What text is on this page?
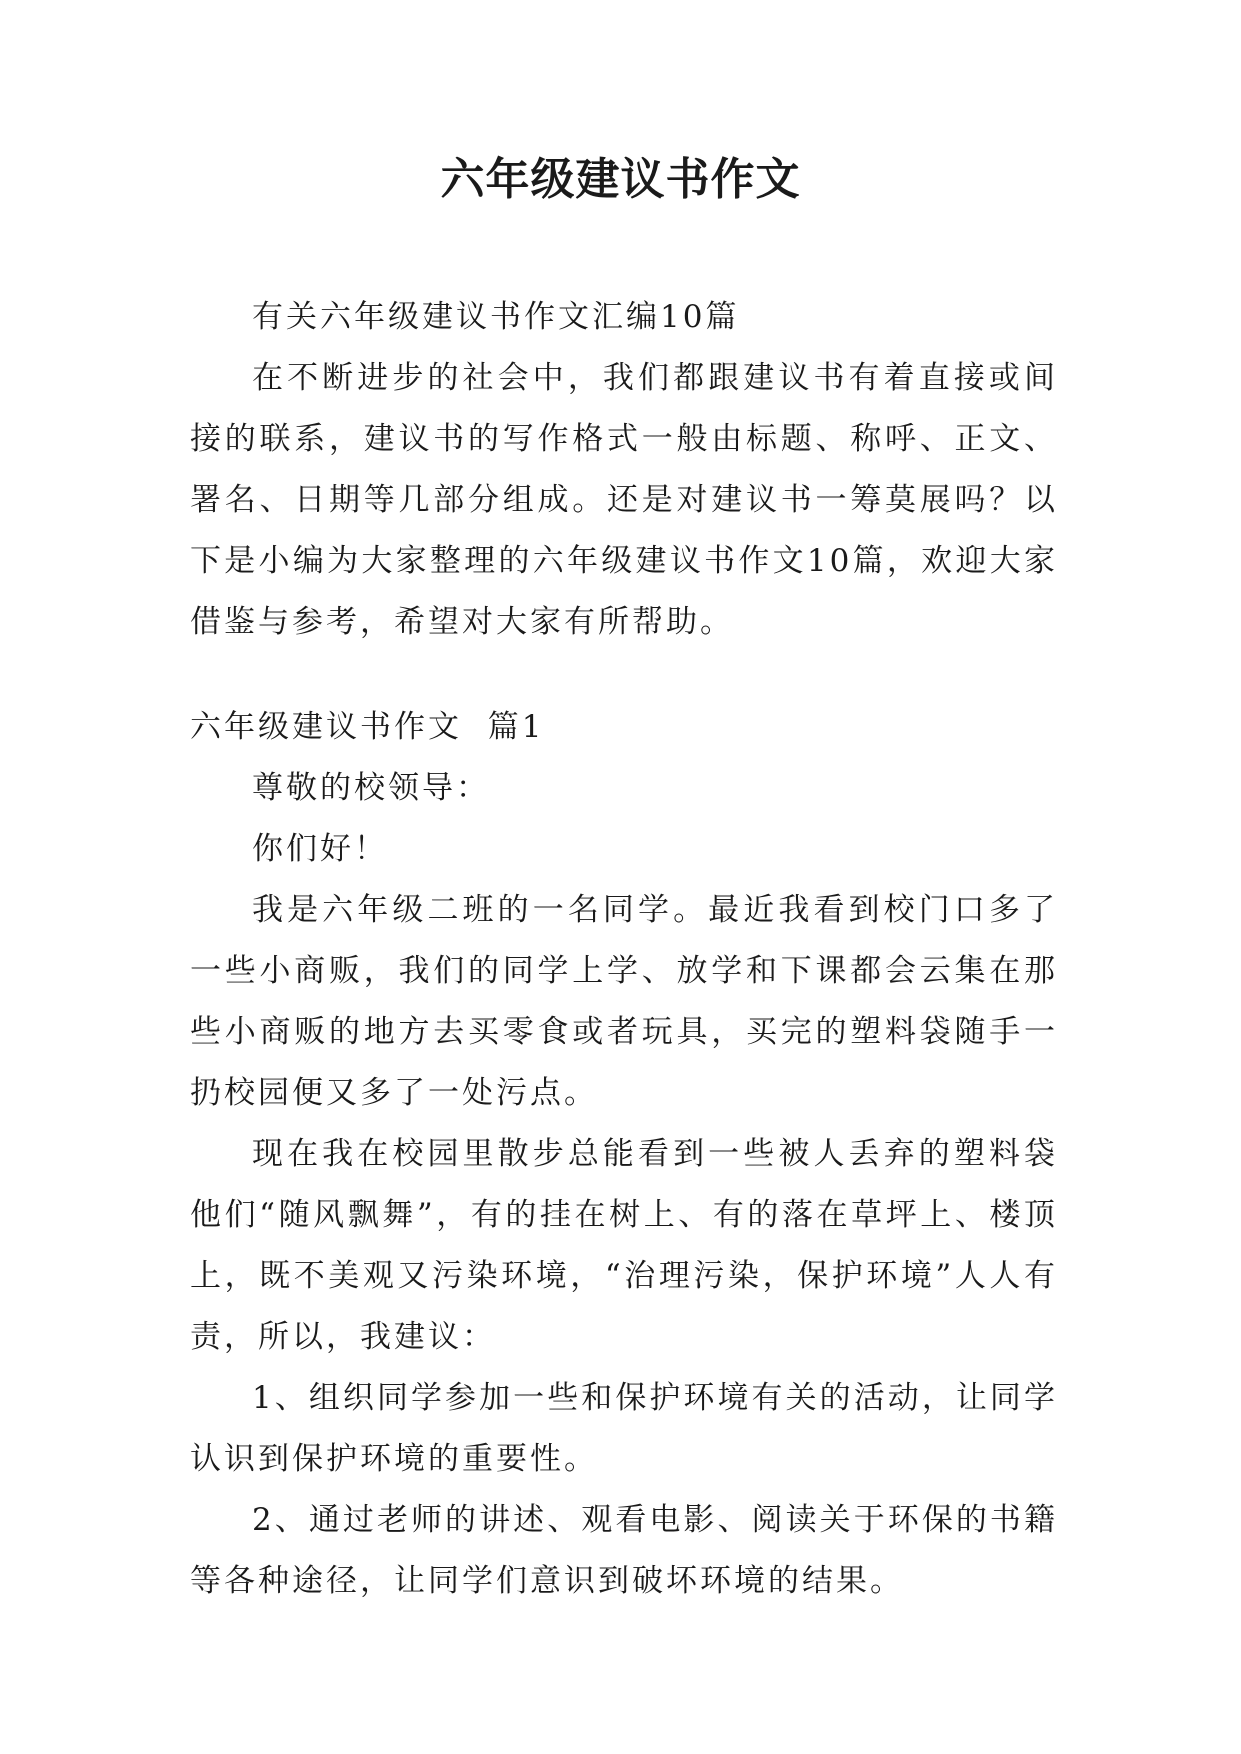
六年级建议书作文

有关六年级建议书作文汇编10篇

在不断进步的社会中，我们都跟建议书有着直接或间接的联系，建议书的写作格式一般由标题、称呼、正文、署名、日期等几部分组成。还是对建议书一筹莫展吗？以下是小编为大家整理的六年级建议书作文10篇，欢迎大家借鉴与参考，希望对大家有所帮助。

六年级建议书作文  篇1

尊敬的校领导：

你们好！

我是六年级二班的一名同学。最近我看到校门口多了一些小商贩，我们的同学上学、放学和下课都会云集在那些小商贩的地方去买零食或者玩具，买完的塑料袋随手一扔校园便又多了一处污点。

现在我在校园里散步总能看到一些被人丢弃的塑料袋他们“随风飘舞”，有的挂在树上、有的落在草坪上、楼顶上，既不美观又污染环境，“治理污染，保护环境”人人有责，所以，我建议：

1、组织同学参加一些和保护环境有关的活动，让同学认识到保护环境的重要性。

2、通过老师的讲述、观看电影、阅读关于环保的书籍等各种途径，让同学们意识到破坏环境的结果。
